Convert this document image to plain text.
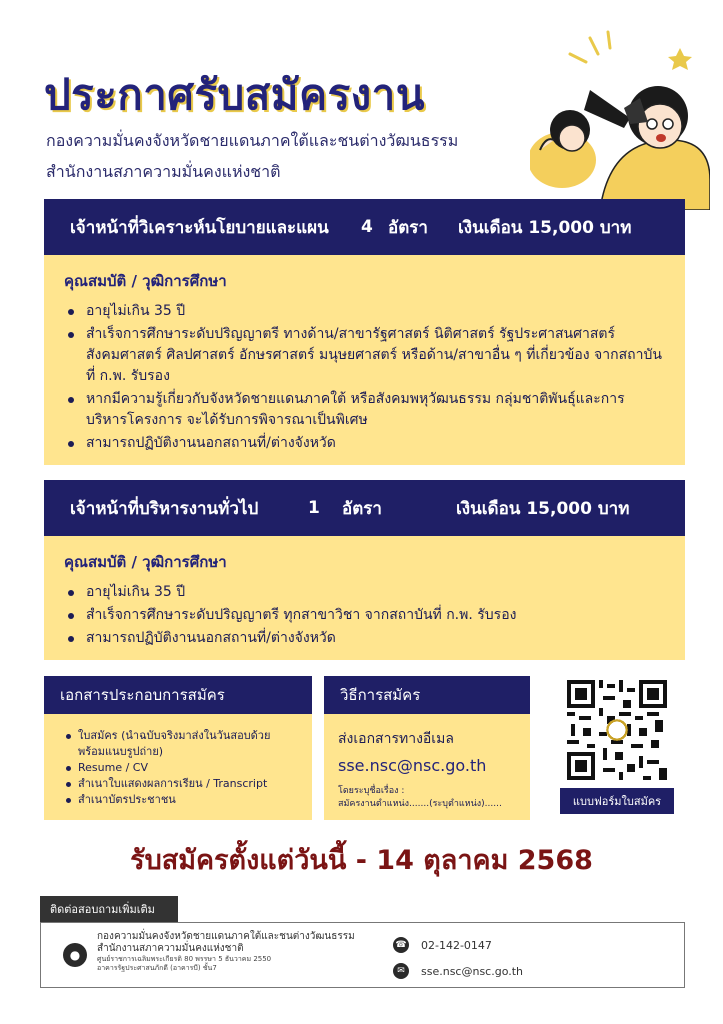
ประกาศรับสมัครงาน
กองความมั่นคงจังหวัดชายแดนภาคใต้และชนต่างวัฒนธรรม
สำนักงานสภาความมั่นคงแห่งชาติ
เจ้าหน้าที่วิเคราะห์นโยบายและแผน 4 อัตรา เงินเดือน 15,000 บาท
คุณสมบัติ / วุฒิการศึกษา
อายุไม่เกิน 35 ปี
สำเร็จการศึกษาระดับปริญญาตรี ทางด้าน/สาขารัฐศาสตร์ นิติศาสตร์ รัฐประศาสนศาสตร์ สังคมศาสตร์ ศิลปศาสตร์ อักษรศาสตร์ มนุษยศาสตร์ หรือด้าน/สาขาอื่น ๆ ที่เกี่ยวข้อง จากสถาบันที่ ก.พ. รับรอง
หากมีความรู้เกี่ยวกับจังหวัดชายแดนภาคใต้ หรือสังคมพหุวัฒนธรรม กลุ่มชาติพันธุ์และการบริหารโครงการ จะได้รับการพิจารณาเป็นพิเศษ
สามารถปฏิบัติงานนอกสถานที่/ต่างจังหวัด
เจ้าหน้าที่บริหารงานทั่วไป	1 อัตรา	เงินเดือน 15,000 บาท
คุณสมบัติ / วุฒิการศึกษา
อายุไม่เกิน 35 ปี
สำเร็จการศึกษาระดับปริญญาตรี ทุกสาขาวิชา จากสถาบันที่ ก.พ. รับรอง
สามารถปฏิบัติงานนอกสถานที่/ต่างจังหวัด
เอกสารประกอบการสมัคร
ใบสมัคร (นำฉบับจริงมาส่งในวันสอบด้วย พร้อมแนบรูปถ่าย)
Resume / CV
สำเนาใบแสดงผลการเรียน / Transcript
สำเนาบัตรประชาชน
วิธีการสมัคร
ส่งเอกสารทางอีเมล
sse.nsc@nsc.go.th
โดยระบุชื่อเรื่อง :
สมัครงานตำแหน่ง.......(ระบุตำแหน่ง)......	แบบฟอร์มใบสมัคร
รับสมัครตั้งแต่วันนี้ - 14 ตุลาคม 2568
ติดต่อสอบถามเพิ่มเติม
●
กองความมั่นคงจังหวัดชายแดนภาคใต้และชนต่างวัฒนธรรม
สำนักงานสภาความมั่นคงแห่งชาติ
ศูนย์ราชการเฉลิมพระเกียรติ 80 พรรษา 5 ธันวาคม 2550
อาคารรัฐประศาสนภักดี (อาคารบี) ชั้น7
☎ 02-142-0147
✉	sse.nsc@nsc.go.th
